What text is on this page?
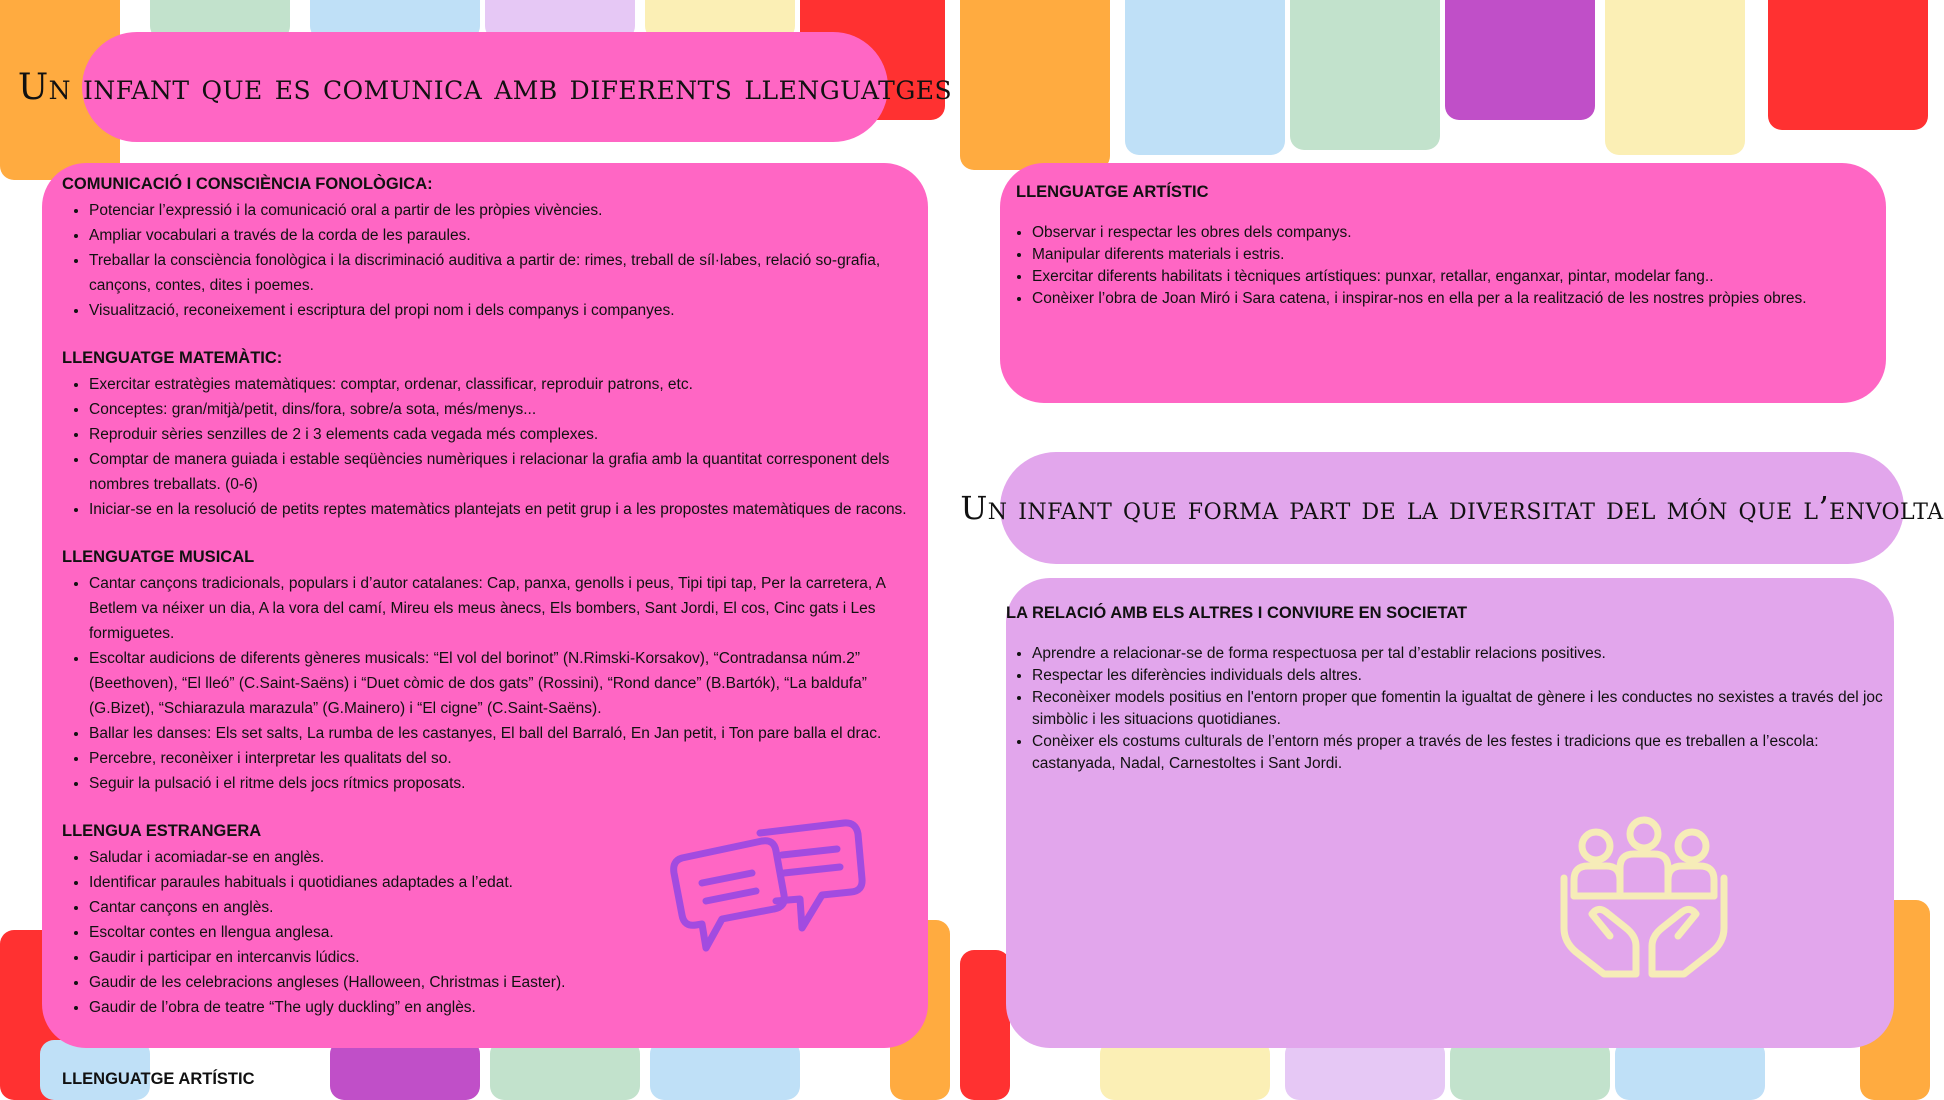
Un infant que es comunica amb diferents llenguatges
COMUNICACIÓ I CONSCIÈNCIA FONOLÒGICA:
• Potenciar l’expressió i la comunicació oral a partir de les pròpies vivències.
• Ampliar vocabulari a través de la corda de les paraules.
• Treballar la consciència fonològica i la discriminació auditiva a partir de: rimes, treball de síl·labes, relació so-grafia, cançons, contes, dites i poemes.
• Visualització, reconeixement i escriptura del propi nom i dels companys i companyes.
LLENGUATGE MATEMÀTIC:
• Exercitar estratègies matemàtiques: comptar, ordenar, classificar, reproduir patrons, etc.
• Conceptes: gran/mitjà/petit, dins/fora, sobre/a sota, més/menys...
• Reproduir sèries senzilles de 2 i 3 elements cada vegada més complexes.
• Comptar de manera guiada i estable seqüències numèriques i relacionar la grafia amb la quantitat corresponent dels nombres treballats. (0-6)
• Iniciar-se en la resolució de petits reptes matemàtics plantejats en petit grup i a les propostes matemàtiques de racons.
LLENGUATGE MUSICAL
• Cantar cançons tradicionals, populars i d’autor catalanes: Cap, panxa, genolls i peus, Tipi tipi tap, Per la carretera, A Betlem va néixer un dia, A la vora del camí, Mireu els meus ànecs, Els bombers, Sant Jordi, El cos, Cinc gats i Les formiguetes.
• Escoltar audicions de diferents gèneres musicals: “El vol del borinot” (N.Rimski-Korsakov), “Contradansa núm.2” (Beethoven), “El lleó” (C.Saint-Saëns) i “Duet còmic de dos gats” (Rossini), “Rond dance” (B.Bartók), “La baldufa” (G.Bizet), “Schiarazula marazula” (G.Mainero) i “El cigne” (C.Saint-Saëns).
• Ballar les danses: Els set salts, La rumba de les castanyes, El ball del Barraló, En Jan petit, i Ton pare balla el drac.
• Percebre, reconèixer i interpretar les qualitats del so.
• Seguir la pulsació i el ritme dels jocs rítmics proposats.
LLENGUA ESTRANGERA
• Saludar i acomiadar-se en anglès.
• Identificar paraules habituals i quotidianes adaptades a l’edat.
• Cantar cançons en anglès.
• Escoltar contes en llengua anglesa.
• Gaudir i participar en intercanvis lúdics.
• Gaudir de les celebracions angleses (Halloween, Christmas i Easter).
• Gaudir de l’obra de teatre “The ugly duckling” en anglès.
LLENGUATGE ARTÍSTIC
LLENGUATGE ARTÍSTIC
• Observar i respectar les obres dels companys.
• Manipular diferents materials i estris.
• Exercitar diferents habilitats i tècniques artístiques: punxar, retallar, enganxar, pintar, modelar fang..
• Conèixer l’obra de Joan Miró i Sara catena, i inspirar-nos en ella per a la realització de les nostres pròpies obres.
Un infant que forma part de la diversitat del món que l’envolta
LA RELACIÓ AMB ELS ALTRES I CONVIURE EN SOCIETAT
• Aprendre a relacionar-se de forma respectuosa per tal d’establir relacions positives.
• Respectar les diferències individuals dels altres.
• Reconèixer models positius en l'entorn proper que fomentin la igualtat de gènere i les conductes no sexistes a través del joc simbòlic i les situacions quotidianes.
• Conèixer els costums culturals de l’entorn més proper a través de les festes i tradicions que es treballen a l’escola: castanyada, Nadal, Carnestoltes i Sant Jordi.
